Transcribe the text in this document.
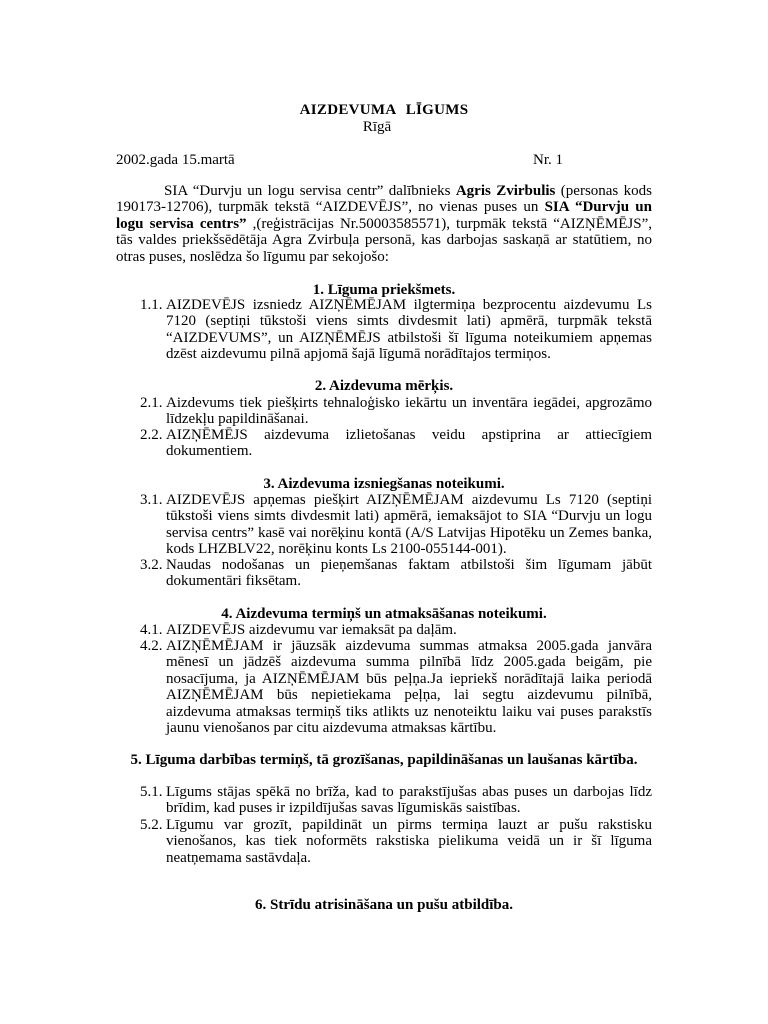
AIZDEVUMA LĪGUMS
Rīgā
2002.gada 15.martā	Nr. 1

SIA “Durvju un logu servisa centr” dalībnieks Agris Zvirbulis (personas kods 190173-12706), turpmāk tekstā “AIZDEVĒJS”, no vienas puses un SIA “Durvju un logu servisa centrs” ,(reģistrācijas Nr.50003585571), turpmāk tekstā “AIZŅĒMĒJS”, tās valdes priekšsēdētāja Agra Zvirbuļa personā, kas darbojas saskaņā ar statūtiem, no otras puses, noslēdza šo līgumu par sekojošo:

1. Līguma priekšmets.

1.1. AIZDEVĒJS izsniedz AIZŅĒMĒJAM ilgtermiņa bezprocentu aizdevumu Ls 7120 (septiņi tūkstoši viens simts divdesmit lati) apmērā, turpmāk tekstā “AIZDEVUMS”, un AIZŅĒMĒJS atbilstoši šī līguma noteikumiem apņemas dzēst aizdevumu pilnā apjomā šajā līgumā norādītajos termiņos.

2. Aizdevuma mērķis.

2.1. Aizdevums tiek piešķirts tehnaloģisko iekārtu un inventāra iegādei, apgrozāmo līdzekļu papildināšanai.
2.2. AIZŅĒMĒJS aizdevuma izlietošanas veidu apstiprina ar attiecīgiem dokumentiem.

3. Aizdevuma izsniegšanas noteikumi.

3.1. AIZDEVĒJS apņemas piešķirt AIZŅĒMĒJAM aizdevumu Ls 7120 (septiņi tūkstoši viens simts divdesmit lati) apmērā, iemaksājot to SIA “Durvju un logu servisa centrs” kasē vai norēķinu kontā (A/S Latvijas Hipotēku un Zemes banka, kods LHZBLV22, norēķinu konts Ls 2100-055144-001).
3.2. Naudas nodošanas un pieņemšanas faktam atbilstoši šim līgumam jābūt dokumentāri fiksētam.

4. Aizdevuma termiņš un atmaksāšanas noteikumi.

4.1. AIZDEVĒJS aizdevumu var iemaksāt pa daļām.
4.2. AIZŅĒMĒJAM ir jāuzsāk aizdevuma summas atmaksa 2005.gada janvāra mēnesī un jādzēš aizdevuma summa pilnībā līdz 2005.gada beigām, pie nosacījuma, ja AIZŅĒMĒJAM būs peļņa.Ja iepriekš norādītajā laika periodā AIZŅĒMĒJAM būs nepietiekama peļņa, lai segtu aizdevumu pilnībā, aizdevuma atmaksas termiņš tiks atlikts uz nenoteiktu laiku vai puses parakstīs jaunu vienošanos par citu aizdevuma atmaksas kārtību.

5. Līguma darbības termiņš, tā grozīšanas, papildināšanas un laušanas kārtība.

5.1. Līgums stājas spēkā no brīža, kad to parakstījušas abas puses un darbojas līdz brīdim, kad puses ir izpildījušas savas līgumiskās saistības.
5.2. Līgumu var grozīt, papildināt un pirms termiņa lauzt ar pušu rakstisku vienošanos, kas tiek noformēts rakstiska pielikuma veidā un ir šī līguma neatņemama sastāvdaļa.

6. Strīdu atrisināšana un pušu atbildība.
